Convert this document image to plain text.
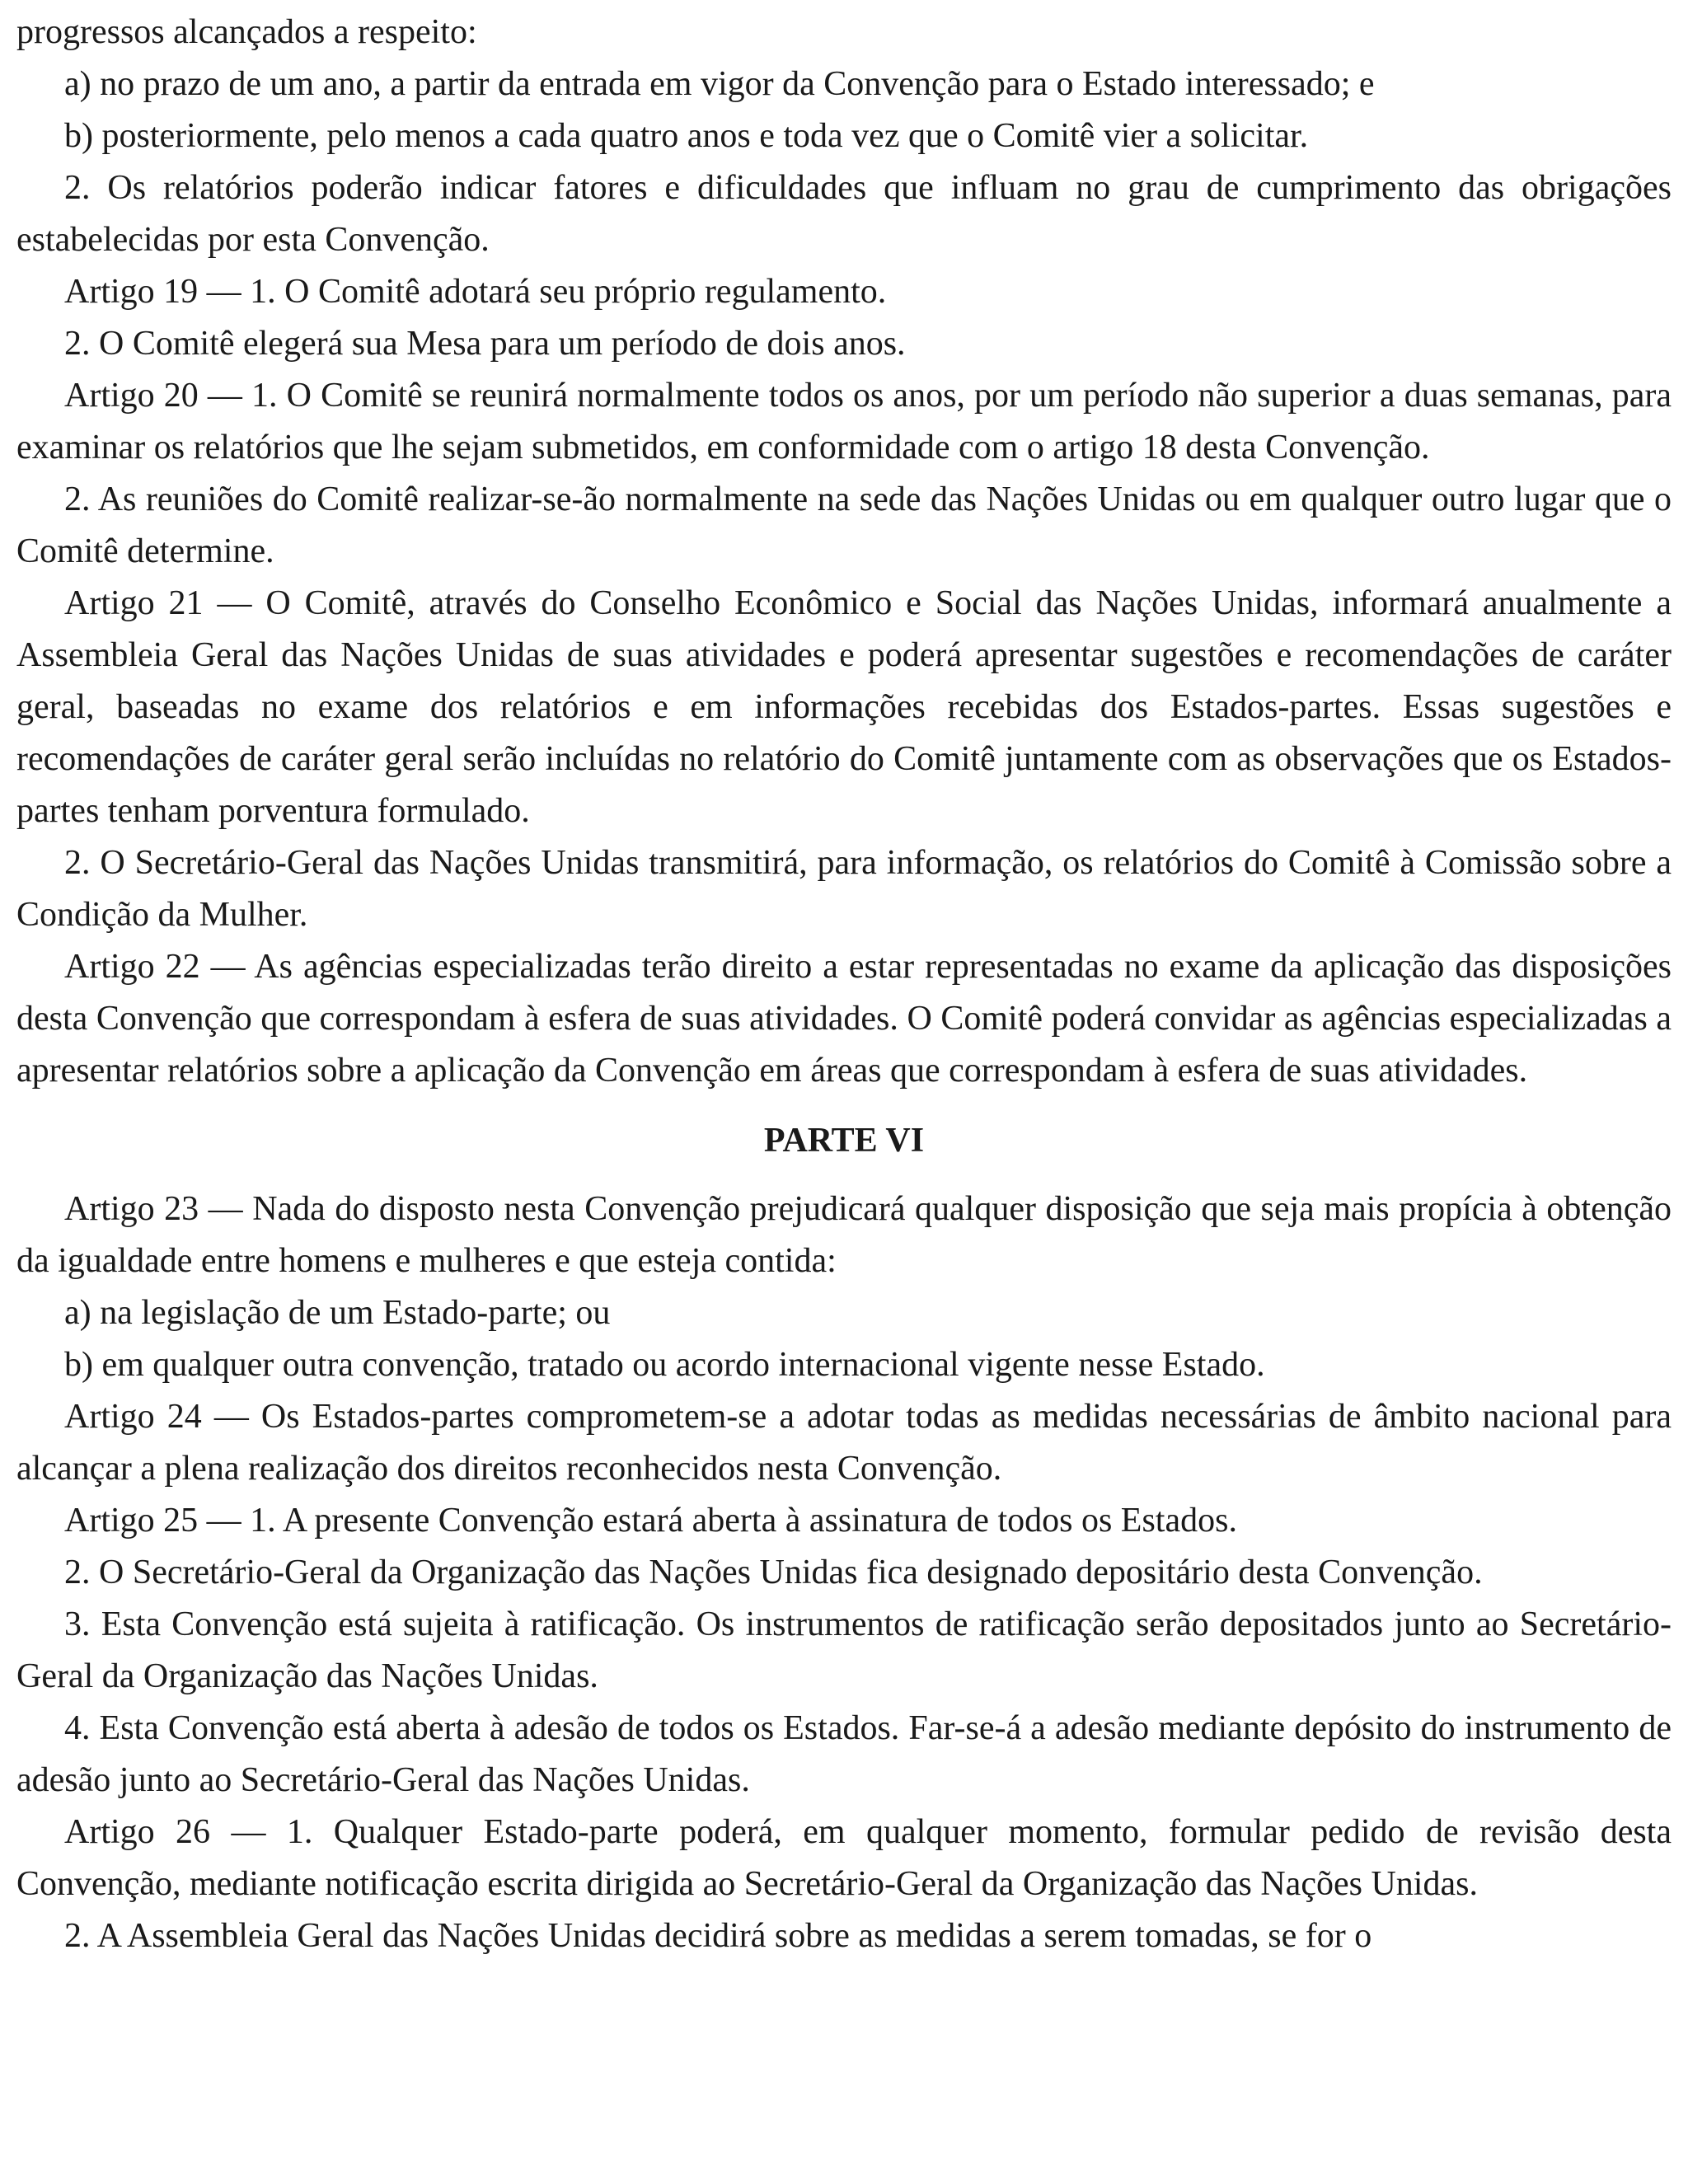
progressos alcançados a respeito:

a) no prazo de um ano, a partir da entrada em vigor da Convenção para o Estado interessado; e

b) posteriormente, pelo menos a cada quatro anos e toda vez que o Comitê vier a solicitar.

2. Os relatórios poderão indicar fatores e dificuldades que influam no grau de cumprimento das obrigações estabelecidas por esta Convenção.

Artigo 19 — 1. O Comitê adotará seu próprio regulamento.

2. O Comitê elegerá sua Mesa para um período de dois anos.

Artigo 20 — 1. O Comitê se reunirá normalmente todos os anos, por um período não superior a duas semanas, para examinar os relatórios que lhe sejam submetidos, em conformidade com o artigo 18 desta Convenção.

2. As reuniões do Comitê realizar-se-ão normalmente na sede das Nações Unidas ou em qualquer outro lugar que o Comitê determine.

Artigo 21 — O Comitê, através do Conselho Econômico e Social das Nações Unidas, informará anualmente a Assembleia Geral das Nações Unidas de suas atividades e poderá apresentar sugestões e recomendações de caráter geral, baseadas no exame dos relatórios e em informações recebidas dos Estados-partes. Essas sugestões e recomendações de caráter geral serão incluídas no relatório do Comitê juntamente com as observações que os Estados-partes tenham porventura formulado.

2. O Secretário-Geral das Nações Unidas transmitirá, para informação, os relatórios do Comitê à Comissão sobre a Condição da Mulher.

Artigo 22 — As agências especializadas terão direito a estar representadas no exame da aplicação das disposições desta Convenção que correspondam à esfera de suas atividades. O Comitê poderá convidar as agências especializadas a apresentar relatórios sobre a aplicação da Convenção em áreas que correspondam à esfera de suas atividades.

PARTE VI

Artigo 23 — Nada do disposto nesta Convenção prejudicará qualquer disposição que seja mais propícia à obtenção da igualdade entre homens e mulheres e que esteja contida:

a) na legislação de um Estado-parte; ou

b) em qualquer outra convenção, tratado ou acordo internacional vigente nesse Estado.

Artigo 24 — Os Estados-partes comprometem-se a adotar todas as medidas necessárias de âmbito nacional para alcançar a plena realização dos direitos reconhecidos nesta Convenção.

Artigo 25 — 1. A presente Convenção estará aberta à assinatura de todos os Estados.

2. O Secretário-Geral da Organização das Nações Unidas fica designado depositário desta Convenção.

3. Esta Convenção está sujeita à ratificação. Os instrumentos de ratificação serão depositados junto ao Secretário-Geral da Organização das Nações Unidas.

4. Esta Convenção está aberta à adesão de todos os Estados. Far-se-á a adesão mediante depósito do instrumento de adesão junto ao Secretário-Geral das Nações Unidas.

Artigo 26 — 1. Qualquer Estado-parte poderá, em qualquer momento, formular pedido de revisão desta Convenção, mediante notificação escrita dirigida ao Secretário-Geral da Organização das Nações Unidas.

2. A Assembleia Geral das Nações Unidas decidirá sobre as medidas a serem tomadas, se for o
